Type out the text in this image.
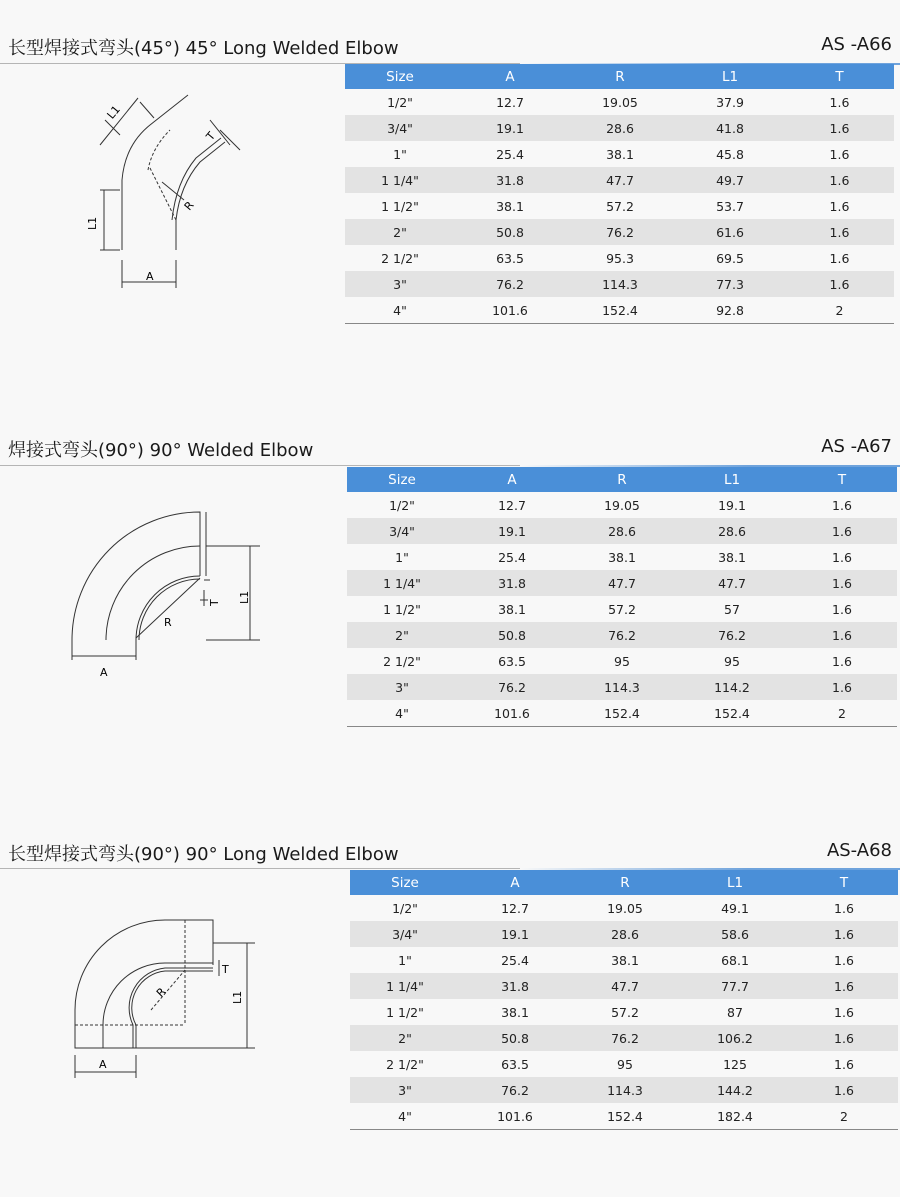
长型焊接式弯头(45°) 45° Long Welded Elbow	AS -A66
L1
T
R
L1
A
Size	A	R	L1	T
1/2"	12.7	19.05	37.9	1.6
3/4"	19.1	28.6	41.8	1.6
1"	25.4	38.1	45.8	1.6
1 1/4"	31.8	47.7	49.7	1.6
1 1/2"	38.1	57.2	53.7	1.6
2"	50.8	76.2	61.6	1.6
2 1/2"	63.5	95.3	69.5	1.6
3"	76.2	114.3	77.3	1.6
4"	101.6	152.4	92.8	2
焊接式弯头(90°) 90° Welded Elbow	AS -A67
T L1
R
A
Size	A	R	L1	T
1/2"	12.7	19.05	19.1	1.6
3/4"	19.1	28.6	28.6	1.6
1"	25.4	38.1	38.1	1.6
1 1/4"	31.8	47.7	47.7	1.6
1 1/2"	38.1	57.2	57	1.6
2"	50.8	76.2	76.2	1.6
2 1/2"	63.5	95	95	1.6
3"	76.2	114.3	114.2	1.6
4"	101.6	152.4	152.4	2
长型焊接式弯头(90°) 90° Long Welded Elbow	AS-A68
T
L1
R
A
Size	A	R	L1	T
1/2"	12.7	19.05	49.1	1.6
3/4"	19.1	28.6	58.6	1.6
1"	25.4	38.1	68.1	1.6
1 1/4"	31.8	47.7	77.7	1.6
1 1/2"	38.1	57.2	87	1.6
2"	50.8	76.2	106.2	1.6
2 1/2"	63.5	95	125	1.6
3"	76.2	114.3	144.2	1.6
4"	101.6	152.4	182.4	2
